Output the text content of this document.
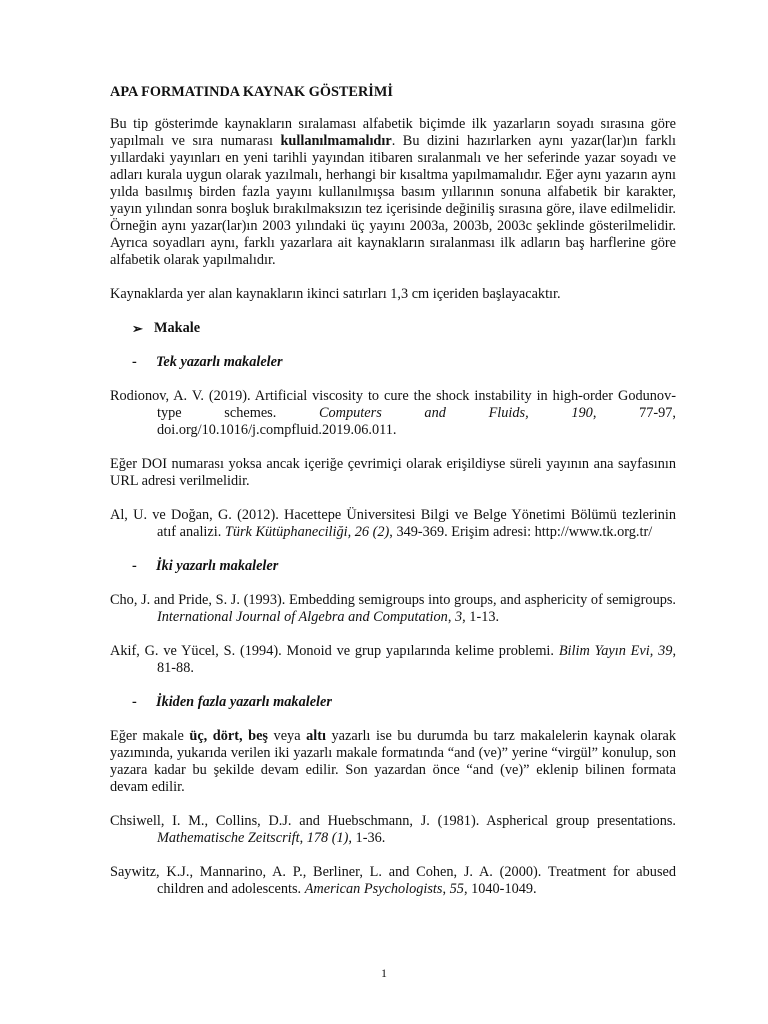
APA FORMATINDA KAYNAK GÖSTERİMİ

Bu tip gösterimde kaynakların sıralaması alfabetik biçimde ilk yazarların soyadı sırasına göre yapılmalı ve sıra numarası kullanılmamalıdır. Bu dizini hazırlarken aynı yazar(lar)ın farklı yıllardaki yayınları en yeni tarihli yayından itibaren sıralanmalı ve her seferinde yazar soyadı ve adları kurala uygun olarak yazılmalı, herhangi bir kısaltma yapılmamalıdır. Eğer aynı yazarın aynı yılda basılmış birden fazla yayını kullanılmışsa basım yıllarının sonuna alfabetik bir karakter, yayın yılından sonra boşluk bırakılmaksızın tez içerisinde değiniliş sırasına göre, ilave edilmelidir. Örneğin aynı yazar(lar)ın 2003 yılındaki üç yayını 2003a, 2003b, 2003c şeklinde gösterilmelidir. Ayrıca soyadları aynı, farklı yazarlara ait kaynakların sıralanması ilk adların baş harflerine göre alfabetik olarak yapılmalıdır.

Kaynaklarda yer alan kaynakların ikinci satırları 1,3 cm içeriden başlayacaktır.

➢ Makale
-	Tek yazarlı makaleler

Rodionov, A. V. (2019). Artificial viscosity to cure the shock instability in high-order Godunov-type schemes. Computers and Fluids, 190, 77-97, doi.org/10.1016/j.compfluid.2019.06.011.

Eğer DOI numarası yoksa ancak içeriğe çevrimiçi olarak erişildiyse süreli yayının ana sayfasının URL adresi verilmelidir.

Al, U. ve Doğan, G. (2012). Hacettepe Üniversitesi Bilgi ve Belge Yönetimi Bölümü tezlerinin atıf analizi. Türk Kütüphaneciliği, 26 (2), 349-369. Erişim adresi: http://www.tk.org.tr/

-	İki yazarlı makaleler

Cho, J. and Pride, S. J. (1993). Embedding semigroups into groups, and asphericity of semigroups. International Journal of Algebra and Computation, 3, 1-13.

Akif, G. ve Yücel, S. (1994). Monoid ve grup yapılarında kelime problemi. Bilim Yayın Evi, 39, 81-88.

-	İkiden fazla yazarlı makaleler

Eğer makale üç, dört, beş veya altı yazarlı ise bu durumda bu tarz makalelerin kaynak olarak yazımında, yukarıda verilen iki yazarlı makale formatında “and (ve)” yerine “virgül” konulup, son yazara kadar bu şekilde devam edilir. Son yazardan önce “and (ve)” eklenip bilinen formata devam edilir.

Chsiwell, I. M., Collins, D.J. and Huebschmann, J. (1981). Aspherical group presentations. Mathematische Zeitscrift, 178 (1), 1-36.

Saywitz, K.J., Mannarino, A. P., Berliner, L. and Cohen, J. A. (2000). Treatment for abused children and adolescents. American Psychologists, 55, 1040-1049.

1
